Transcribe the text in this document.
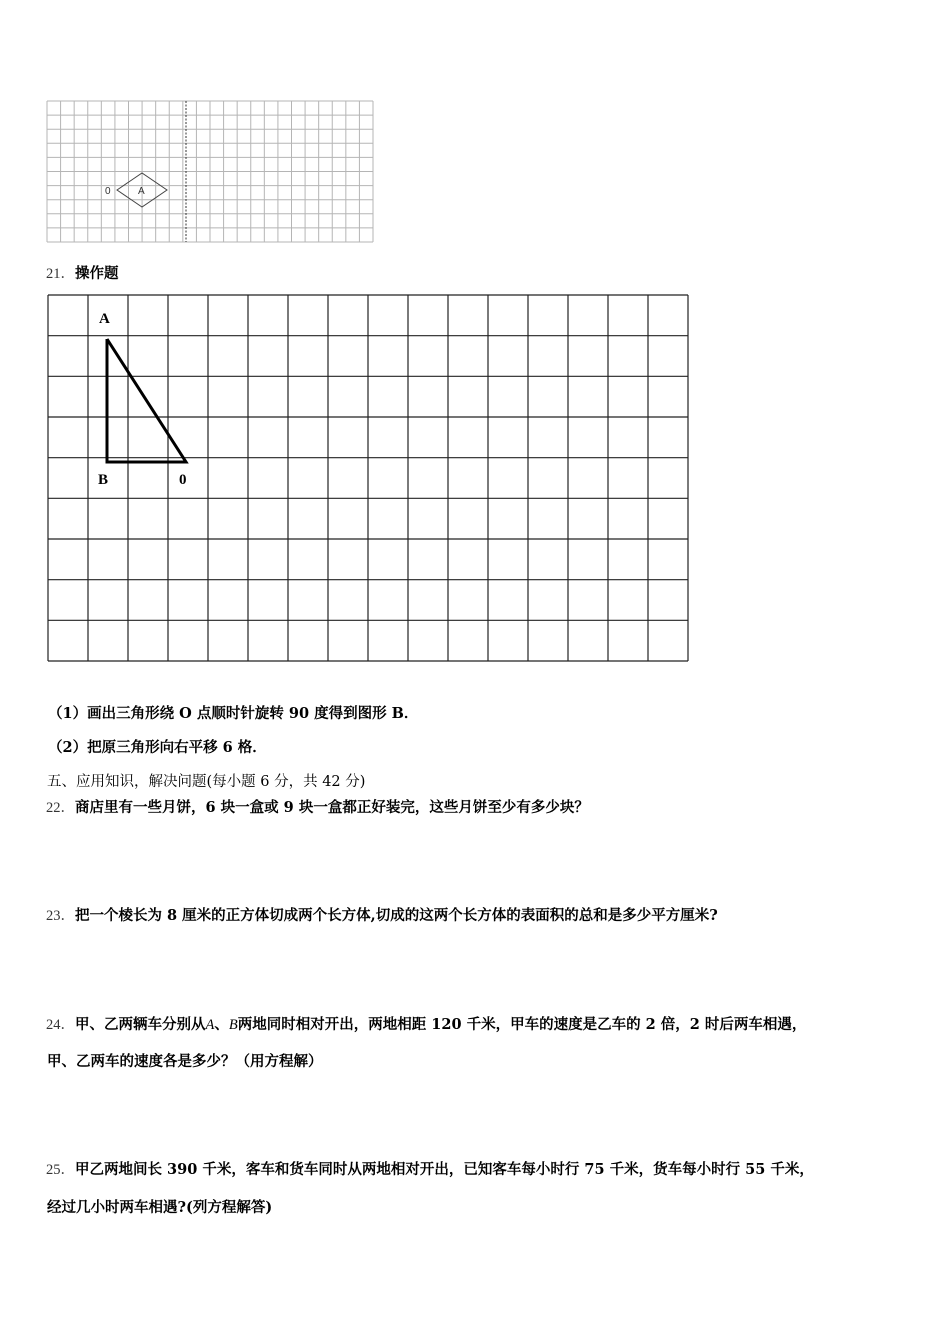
0	A
21．操作题
A
B	0
（1）画出三角形绕 O 点顺时针旋转 90 度得到图形 B．
（2）把原三角形向右平移 6 格．
五、应用知识，解决问题(每小题 6 分，共 42 分)
22．商店里有一些月饼，6 块一盒或 9 块一盒都正好装完，这些月饼至少有多少块？
23．把一个棱长为 8 厘米的正方体切成两个长方体,切成的这两个长方体的表面积的总和是多少平方厘米?
24．甲、乙两辆车分别从A、B两地同时相对开出，两地相距 120 千米，甲车的速度是乙车的 2 倍，2 时后两车相遇，
甲、乙两车的速度各是多少？（用方程解）
25．甲乙两地间长 390 千米，客车和货车同时从两地相对开出，已知客车每小时行 75 千米，货车每小时行 55 千米，
经过几小时两车相遇?(列方程解答)
